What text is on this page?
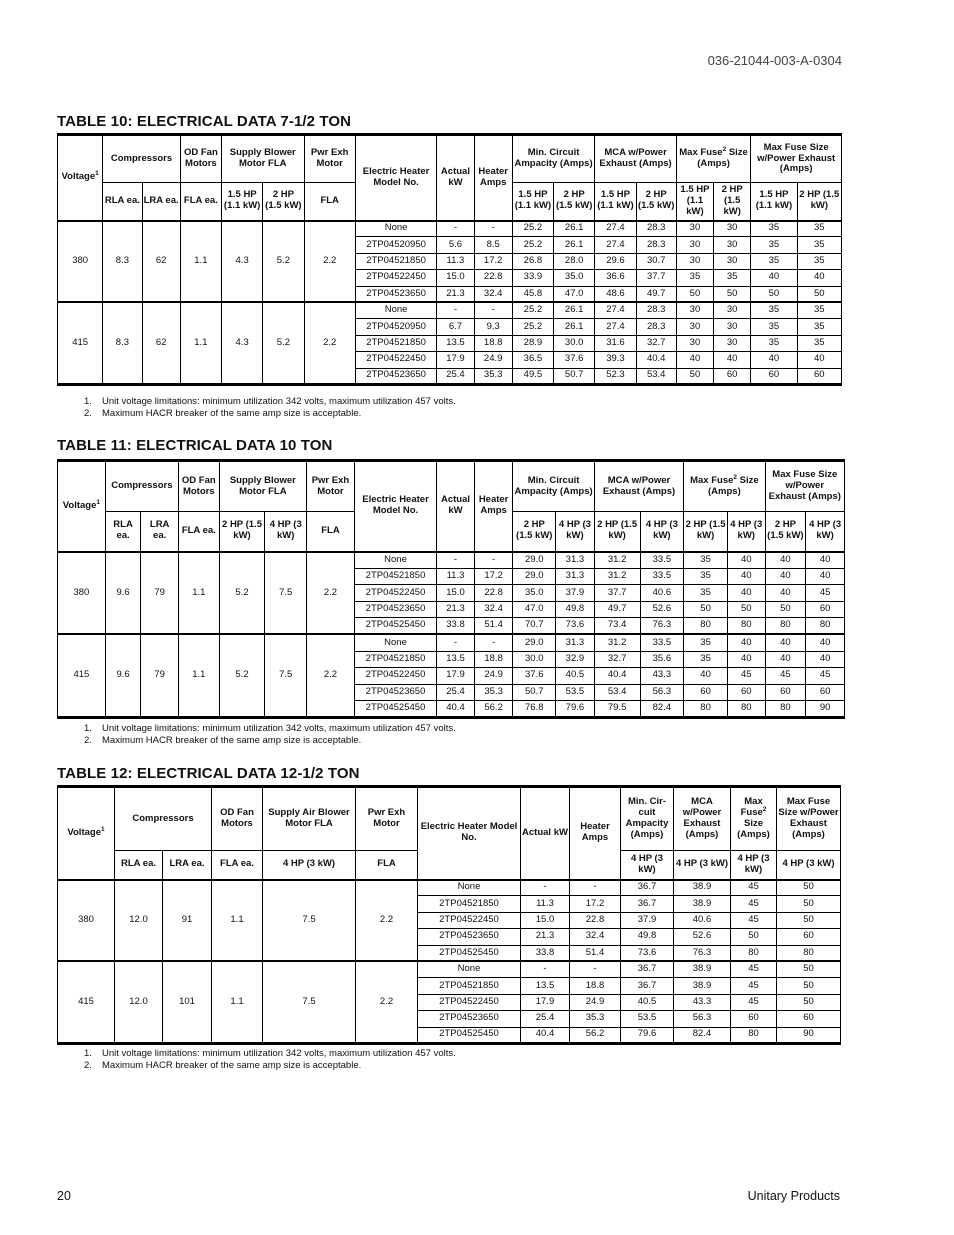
036-21044-003-A-0304
TABLE 10: ELECTRICAL DATA 7-1/2 TON
Voltage$^1$	Compressors		OD Fan Motors	Supply Blower Motor FLA		Pwr Exh Motor	Electric Heater Model No.	Actual kW	Heater Amps	Min. Circuit Ampacity (Amps)		MCA w/Power Exhaust (Amps)		Max Fuse$^2$ Size (Amps)		Max Fuse Size w/Power Exhaust (Amps)	
	RLA ea.	LRA ea.	FLA ea.	1.5 HP (1.1 kW)	2 HP (1.5 kW)	FLA				1.5 HP (1.1 kW)	2 HP (1.5 kW)	1.5 HP (1.1 kW)	2 HP (1.5 kW)	1.5 HP (1.1 kW)	2 HP (1.5 kW)	1.5 HP (1.1 kW)	2 HP (1.5 kW)
380	8.3	62	1.1	4.3	5.2	2.2	None	-	-	25.2	26.1	27.4	28.3	30	30	35	35
							2TP04520950	5.6	8.5	25.2	26.1	27.4	28.3	30	30	35	35
							2TP04521850	11.3	17.2	26.8	28.0	29.6	30.7	30	30	35	35
							2TP04522450	15.0	22.8	33.9	35.0	36.6	37.7	35	35	40	40
							2TP04523650	21.3	32.4	45.8	47.0	48.6	49.7	50	50	50	50
415	8.3	62	1.1	4.3	5.2	2.2	None	-	-	25.2	26.1	27.4	28.3	30	30	35	35
							2TP04520950	6.7	9.3	25.2	26.1	27.4	28.3	30	30	35	35
							2TP04521850	13.5	18.8	28.9	30.0	31.6	32.7	30	30	35	35
							2TP04522450	17.9	24.9	36.5	37.6	39.3	40.4	40	40	40	40
							2TP04523650	25.4	35.3	49.5	50.7	52.3	53.4	50	60	60	60
1. Unit voltage limitations: minimum utilization 342 volts, maximum utilization 457 volts.
2. Maximum HACR breaker of the same amp size is acceptable.
TABLE 11: ELECTRICAL DATA 10 TON
Voltage$^1$	Compressors		OD Fan Motors	Supply Blower Motor FLA		Pwr Exh Motor	Electric Heater Model No.	Actual kW	Heater Amps	Min. Circuit Ampacity (Amps)		MCA w/Power Exhaust (Amps)		Max Fuse$^2$ Size (Amps)		Max Fuse Size w/Power Exhaust (Amps)	
	RLA ea.	LRA ea.	FLA ea.	2 HP (1.5 kW)	4 HP (3 kW)	FLA				2 HP (1.5 kW)	4 HP (3 kW)	2 HP (1.5 kW)	4 HP (3 kW)	2 HP (1.5 kW)	4 HP (3 kW)	2 HP (1.5 kW)	4 HP (3 kW)
380	9.6	79	1.1	5.2	7.5	2.2	None	-	-	29.0	31.3	31.2	33.5	35	40	40	40
							2TP04521850	11.3	17.2	29.0	31.3	31.2	33.5	35	40	40	40
							2TP04522450	15.0	22.8	35.0	37.9	37.7	40.6	35	40	40	45
							2TP04523650	21.3	32.4	47.0	49.8	49.7	52.6	50	50	50	60
							2TP04525450	33.8	51.4	70.7	73.6	73.4	76.3	80	80	80	80
415	9.6	79	1.1	5.2	7.5	2.2	None	-	-	29.0	31.3	31.2	33.5	35	40	40	40
							2TP04521850	13.5	18.8	30.0	32.9	32.7	35.6	35	40	40	40
							2TP04522450	17.9	24.9	37.6	40.5	40.4	43.3	40	45	45	45
							2TP04523650	25.4	35.3	50.7	53.5	53.4	56.3	60	60	60	60
							2TP04525450	40.4	56.2	76.8	79.6	79.5	82.4	80	80	80	90
1. Unit voltage limitations: minimum utilization 342 volts, maximum utilization 457 volts.
2. Maximum HACR breaker of the same amp size is acceptable.
TABLE 12: ELECTRICAL DATA 12-1/2 TON
Voltage$^1$	Compressors		OD Fan Motors	Supply Air Blower Motor FLA	Pwr Exh Motor	Electric Heater Model No.	Actual kW	Heater Amps	Min. Cir- cuit Ampacity (Amps)	MCA w/Power Exhaust (Amps)	Max Fuse$^2$ Size (Amps)	Max Fuse Size w/Power Exhaust (Amps)
	RLA ea.	LRA ea.	FLA ea.	4 HP (3 kW)	FLA				4 HP (3 kW)	4 HP (3 kW)	4 HP (3 kW)	4 HP (3 kW)
380	12.0	91	1.1	7.5	2.2	None	-	-	36.7	38.9	45	50
						2TP04521850	11.3	17.2	36.7	38.9	45	50
						2TP04522450	15.0	22.8	37.9	40.6	45	50
						2TP04523650	21.3	32.4	49.8	52.6	50	60
						2TP04525450	33.8	51.4	73.6	76.3	80	80
415	12.0	101	1.1	7.5	2.2	None	-	-	36.7	38.9	45	50
						2TP04521850	13.5	18.8	36.7	38.9	45	50
						2TP04522450	17.9	24.9	40.5	43.3	45	50
						2TP04523650	25.4	35.3	53.5	56.3	60	60
						2TP04525450	40.4	56.2	79.6	82.4	80	90
1. Unit voltage limitations: minimum utilization 342 volts, maximum utilization 457 volts.
2. Maximum HACR breaker of the same amp size is acceptable.
20	Unitary Products
